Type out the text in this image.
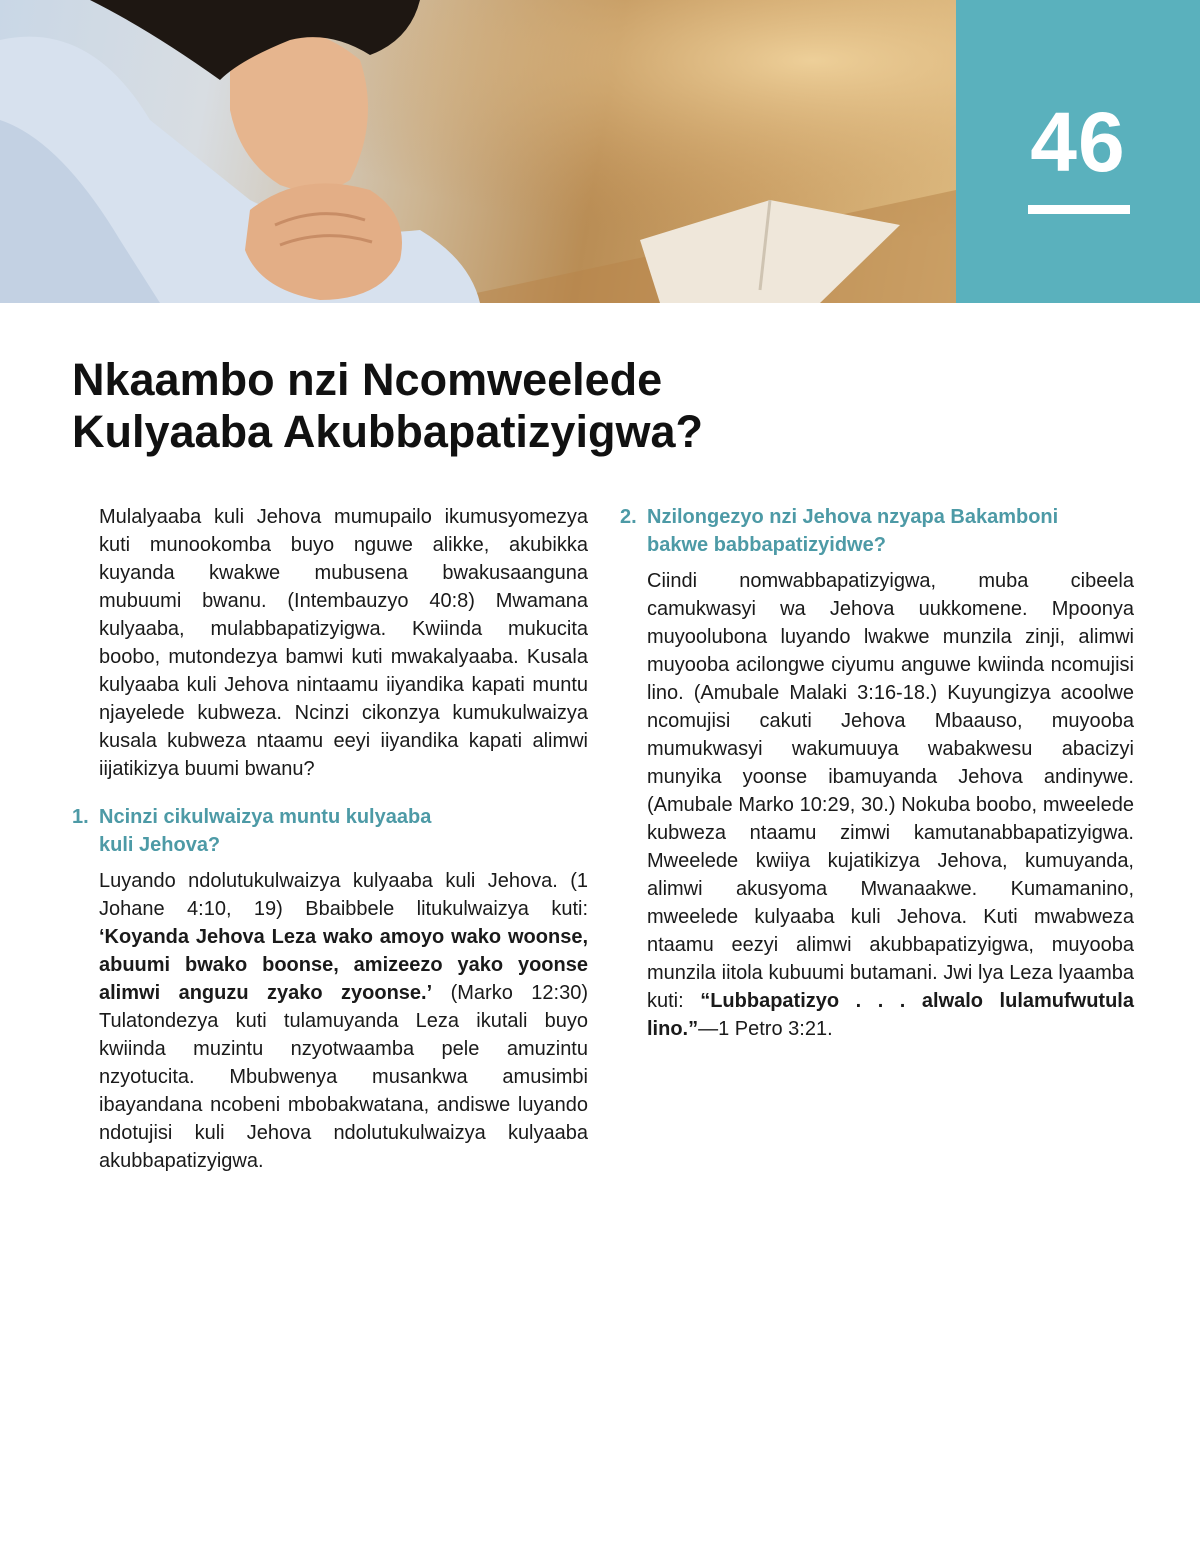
46
Nkaambo nzi Ncomweelede
Kulyaaba Akubbapatizyigwa?

Mulalyaaba kuli Jehova mumupailo ikumusyomezya kuti munookomba buyo nguwe alikke, akubikka kuyanda kwakwe mubusena bwakusaanguna mubuumi bwanu. (Intembauzyo 40:8) Mwamana kulyaaba, mulabbapatizyigwa. Kwiinda mukucita boobo, mutondezya bamwi kuti mwakalyaaba. Kusala kulyaaba kuli Jehova nintaamu iiyandika kapati muntu njayelede kubweza. Ncinzi cikonzya kumukulwaizya kusala kubweza ntaamu eeyi iiyandika kapati alimwi iijatikizya buumi bwanu?

1. Ncinzi cikulwaizya muntu kulyaaba kuli Jehova?

Luyando ndolutukulwaizya kulyaaba kuli Jehova. (1 Johane 4:10, 19) Bbaibbele litukulwaizya kuti: ‘Koyanda Jehova Leza wako amoyo wako woonse, abuumi bwako boonse, amizeezo yako yoonse alimwi anguzu zyako zyoonse.’ (Marko 12:30) Tulatondezya kuti tulamuyanda Leza ikutali buyo kwiinda muzintu nzyotwaamba pele amuzintu nzyotucita. Mbubwenya musankwa amusimbi ibayandana ncobeni mbobakwatana, andiswe luyando ndotujisi kuli Jehova ndolutukulwaizya kulyaaba akubbapatizyigwa.

2. Nzilongezyo nzi Jehova nzyapa Bakamboni bakwe babbapatizyidwe?

Ciindi nomwabbapatizyigwa, muba cibeela camukwasyi wa Jehova uukkomene. Mpoonya muyoolubona luyando lwakwe munzila zinji, alimwi muyooba acilongwe ciyumu anguwe kwiinda ncomujisi lino. (Amubale Malaki 3:16-18.) Kuyungizya acoolwe ncomujisi cakuti Jehova Mbaauso, muyooba mumukwasyi wakumuuya wabakwesu abacizyi munyika yoonse ibamuyanda Jehova andinywe. (Amubale Marko 10:29, 30.) Nokuba boobo, mweelede kubweza ntaamu zimwi kamutanabbapatizyigwa. Mweelede kwiiya kujatikizya Jehova, kumuyanda, alimwi akusyoma Mwanaakwe. Kumamanino, mweelede kulyaaba kuli Jehova. Kuti mwabweza ntaamu eezyi alimwi akubbapatizyigwa, muyooba munzila iitola kubuumi butamani. Jwi lya Leza lyaamba kuti: “Lubbapatizyo . . . alwalo lulamufwutula lino.”—1 Petro 3:21.
